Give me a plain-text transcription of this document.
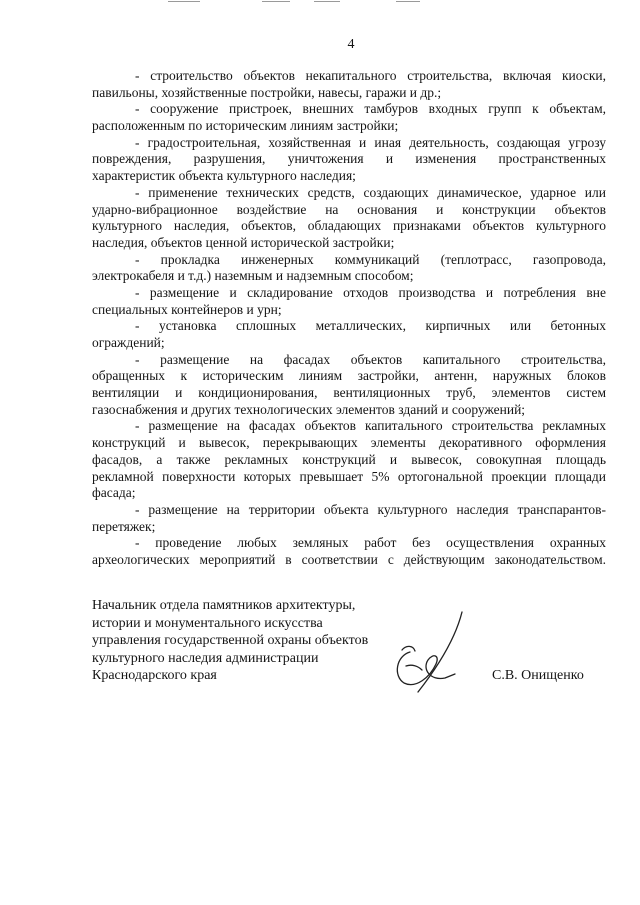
4
- строительство объектов некапитального строительства, включая киоски,
павильоны, хозяйственные постройки, навесы, гаражи и др.;
- сооружение пристроек, внешних тамбуров входных групп к объектам,
расположенным по историческим линиям застройки;
- градостроительная, хозяйственная и иная деятельность, создающая угрозу
повреждения, разрушения, уничтожения и изменения пространственных
характеристик объекта культурного наследия;
- применение технических средств, создающих динамическое, ударное или
ударно-вибрационное воздействие на основания и конструкции объектов
культурного наследия, объектов, обладающих признаками объектов культурного
наследия, объектов ценной исторической застройки;
- прокладка инженерных коммуникаций (теплотрасс, газопровода,
электрокабеля и т.д.) наземным и надземным способом;
- размещение и складирование отходов производства и потребления вне
специальных контейнеров и урн;
- установка сплошных металлических, кирпичных или бетонных
ограждений;
- размещение на фасадах объектов капитального строительства,
обращенных к историческим линиям застройки, антенн, наружных блоков
вентиляции и кондиционирования, вентиляционных труб, элементов систем
газоснабжения и других технологических элементов зданий и сооружений;
- размещение на фасадах объектов капитального строительства рекламных
конструкций и вывесок, перекрывающих элементы декоративного оформления
фасадов, а также рекламных конструкций и вывесок, совокупная площадь
рекламной поверхности которых превышает 5% ортогональной проекции площади
фасада;
- размещение на территории объекта культурного наследия транспарантов-
перетяжек;
- проведение любых земляных работ без осуществления охранных
археологических мероприятий в соответствии с действующим законодательством.
Начальник отдела памятников архитектуры,
истории и монументального искусства
управления государственной охраны объектов
культурного наследия администрации
Краснодарского края	С.В. Онищенко
